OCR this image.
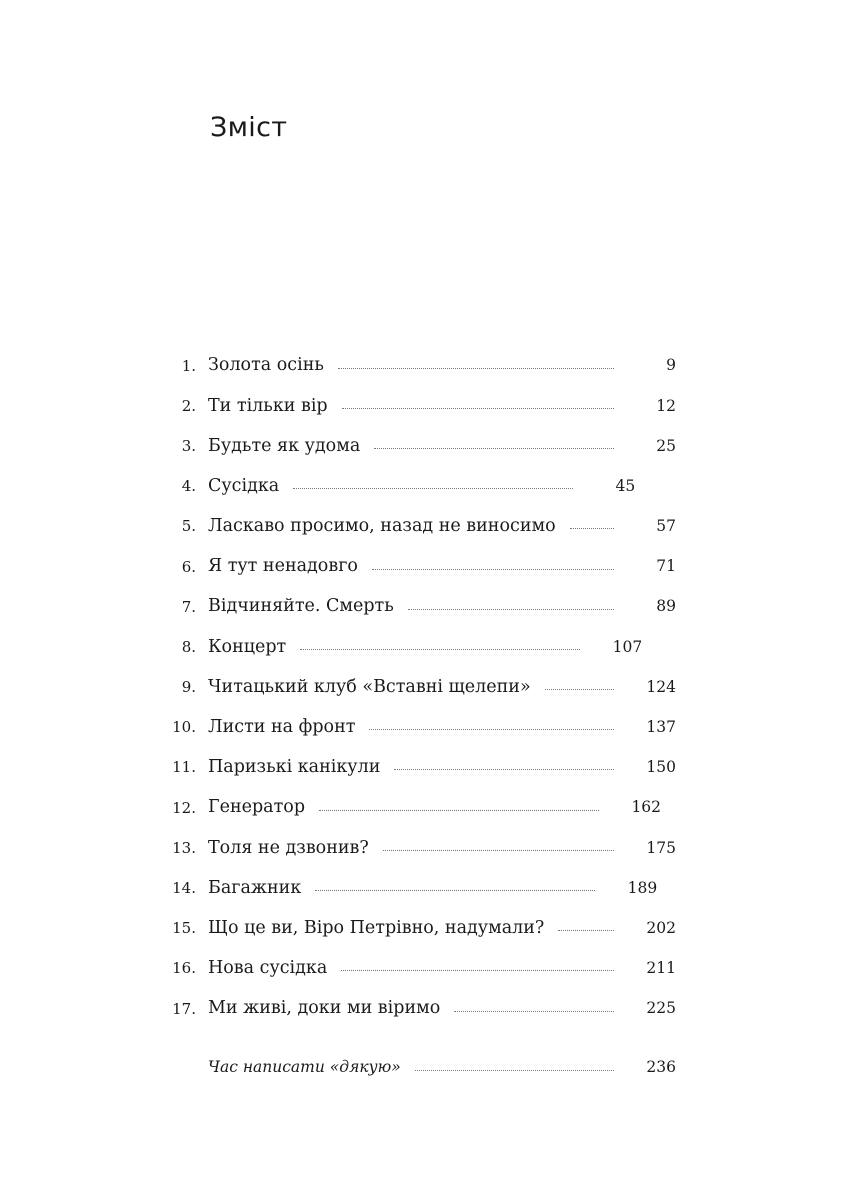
Зміст
1. Золота осінь	9
2. Ти тільки вір	12
3. Будьте як удома	25
4. Сусідка	45
5. Ласкаво просимо, назад не виносимо	57
6. Я тут ненадовго	71
7. Відчиняйте. Смерть	89
8. Концерт	107
9. Читацький клуб «Вставні щелепи»	124
10. Листи на фронт	137
11. Паризькі канікули	150
12. Генератор	162
13. Толя не дзвонив?	175
14. Багажник	189
15. Що це ви, Віро Петрівно, надумали?	202
16. Нова сусідка	211
17. Ми живі, доки ми віримо	225
Час написати «дякую»	236
